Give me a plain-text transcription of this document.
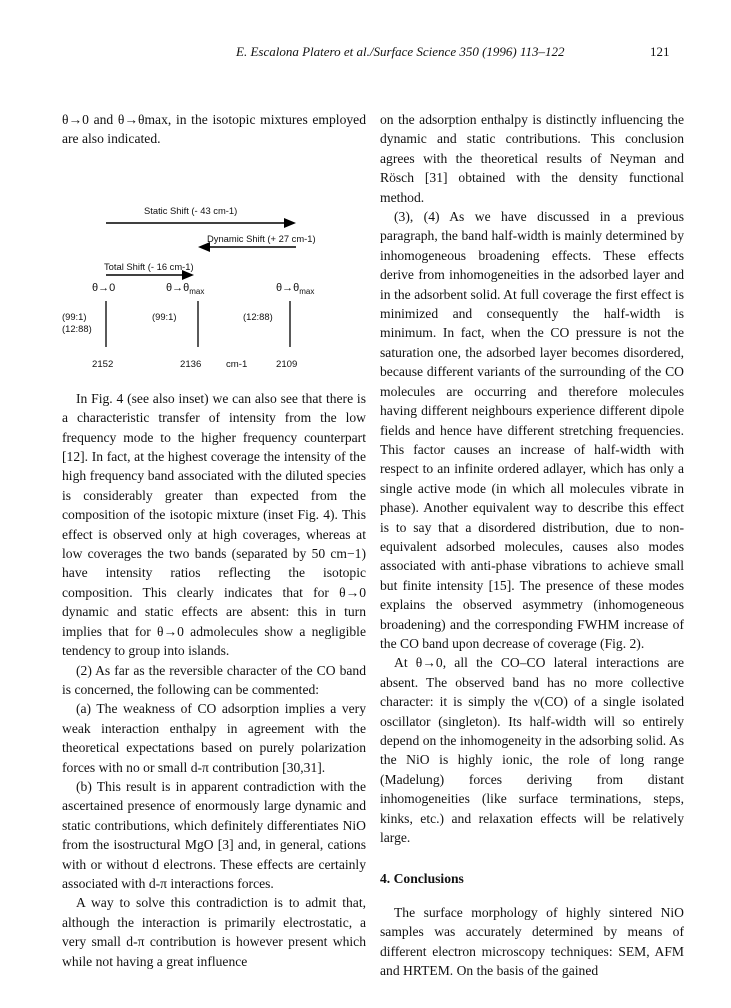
E. Escalona Platero et al./Surface Science 350 (1996) 113–122	121

θ→0 and θ→θmax, in the isotopic mixtures employed are also indicated.

Static Shift (- 43 cm-1)
Dynamic Shift (+ 27 cm-1)
Total Shift (- 16 cm-1)
θ→0	$\theta\to\theta_{max}$	$\theta\to\theta_{max}$
(99:1)
(12:88)
(99:1)	(12:88)
2152	2136	cm-1	2109

In Fig. 4 (see also inset) we can also see that there is a characteristic transfer of intensity from the low frequency mode to the higher frequency counterpart [12]. In fact, at the highest coverage the intensity of the high frequency band associated with the diluted species is considerably greater than expected from the composition of the isotopic mixture (inset Fig. 4). This effect is observed only at high coverages, whereas at low coverages the two bands (separated by 50 cm−1) have intensity ratios reflecting the isotopic composition. This clearly indicates that for θ→0 dynamic and static effects are absent: this in turn implies that for θ→0 admolecules show a negligible tendency to group into islands.

(2) As far as the reversible character of the CO band is concerned, the following can be commented:

(a) The weakness of CO adsorption implies a very weak interaction enthalpy in agreement with the theoretical expectations based on purely polarization forces with no or small d-π contribution [30,31].

(b) This result is in apparent contradiction with the ascertained presence of enormously large dynamic and static contributions, which definitely differentiates NiO from the isostructural MgO [3] and, in general, cations with or without d electrons. These effects are certainly associated with d-π interactions forces.

A way to solve this contradiction is to admit that, although the interaction is primarily electrostatic, a very small d-π contribution is however present which while not having a great influence

on the adsorption enthalpy is distinctly influencing the dynamic and static contributions. This conclusion agrees with the theoretical results of Neyman and Rösch [31] obtained with the density functional method.

(3), (4) As we have discussed in a previous paragraph, the band half-width is mainly determined by inhomogeneous broadening effects. These effects derive from inhomogeneities in the adsorbed layer and in the adsorbent solid. At full coverage the first effect is minimized and consequently the half-width is minimum. In fact, when the CO pressure is not the saturation one, the adsorbed layer becomes disordered, because different variants of the surrounding of the CO molecules are occurring and therefore molecules having different neighbours experience different dipole fields and hence have different stretching frequencies. This factor causes an increase of half-width with respect to an infinite ordered adlayer, which has only a single active mode (in which all molecules vibrate in phase). Another equivalent way to describe this effect is to say that a disordered distribution, due to non-equivalent adsorbed molecules, causes also modes associated with anti-phase vibrations to achieve small but finite intensity [15]. The presence of these modes explains the observed asymmetry (inhomogeneous broadening) and the corresponding FWHM increase of the CO band upon decrease of coverage (Fig. 2).

At θ→0, all the CO–CO lateral interactions are absent. The observed band has no more collective character: it is simply the ν(CO) of a single isolated oscillator (singleton). Its half-width will so entirely depend on the inhomogeneity in the adsorbing solid. As the NiO is highly ionic, the role of long range (Madelung) forces deriving from distant inhomogeneities (like surface terminations, steps, kinks, etc.) and relaxation effects will be relatively large.

4. Conclusions

The surface morphology of highly sintered NiO samples was accurately determined by means of different electron microscopy techniques: SEM, AFM and HRTEM. On the basis of the gained
